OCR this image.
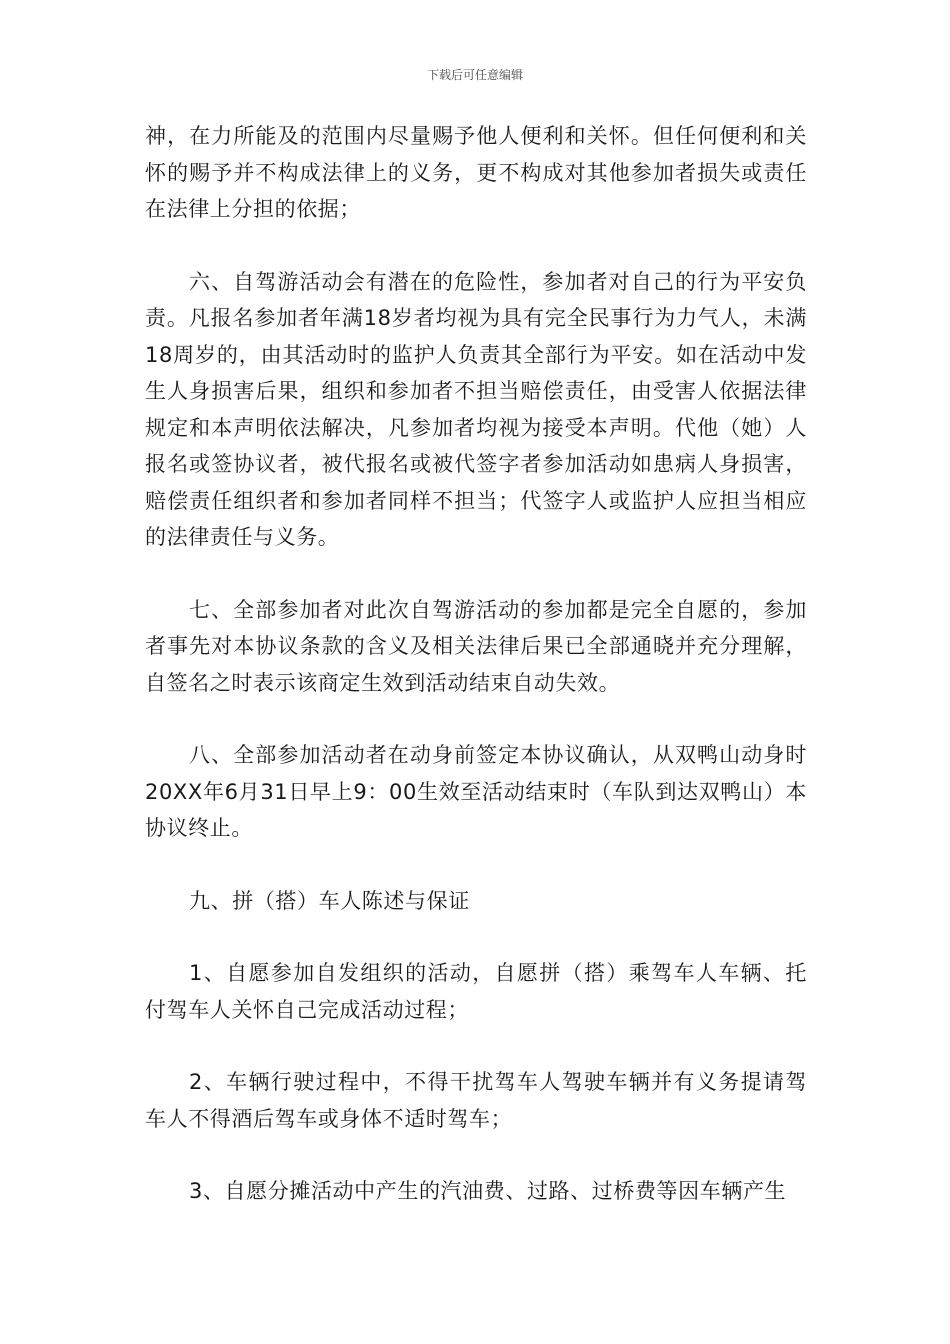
下载后可任意编辑

神，在力所能及的范围内尽量赐予他人便利和关怀。但任何便利和关怀的赐予并不构成法律上的义务，更不构成对其他参加者损失或责任在法律上分担的依据；

六、自驾游活动会有潜在的危险性，参加者对自己的行为平安负责。凡报名参加者年满18岁者均视为具有完全民事行为力气人，未满18周岁的，由其活动时的监护人负责其全部行为平安。如在活动中发生人身损害后果，组织和参加者不担当赔偿责任，由受害人依据法律规定和本声明依法解决，凡参加者均视为接受本声明。代他（她）人报名或签协议者，被代报名或被代签字者参加活动如患病人身损害，赔偿责任组织者和参加者同样不担当；代签字人或监护人应担当相应的法律责任与义务。

七、全部参加者对此次自驾游活动的参加都是完全自愿的，参加者事先对本协议条款的含义及相关法律后果已全部通晓并充分理解，自签名之时表示该商定生效到活动结束自动失效。

八、全部参加活动者在动身前签定本协议确认，从双鸭山动身时20XX年6月31日早上9：00生效至活动结束时（车队到达双鸭山）本协议终止。

九、拼（搭）车人陈述与保证

1、自愿参加自发组织的活动，自愿拼（搭）乘驾车人车辆、托付驾车人关怀自己完成活动过程；

2、车辆行驶过程中，不得干扰驾车人驾驶车辆并有义务提请驾车人不得酒后驾车或身体不适时驾车；

3、自愿分摊活动中产生的汽油费、过路、过桥费等因车辆产生
